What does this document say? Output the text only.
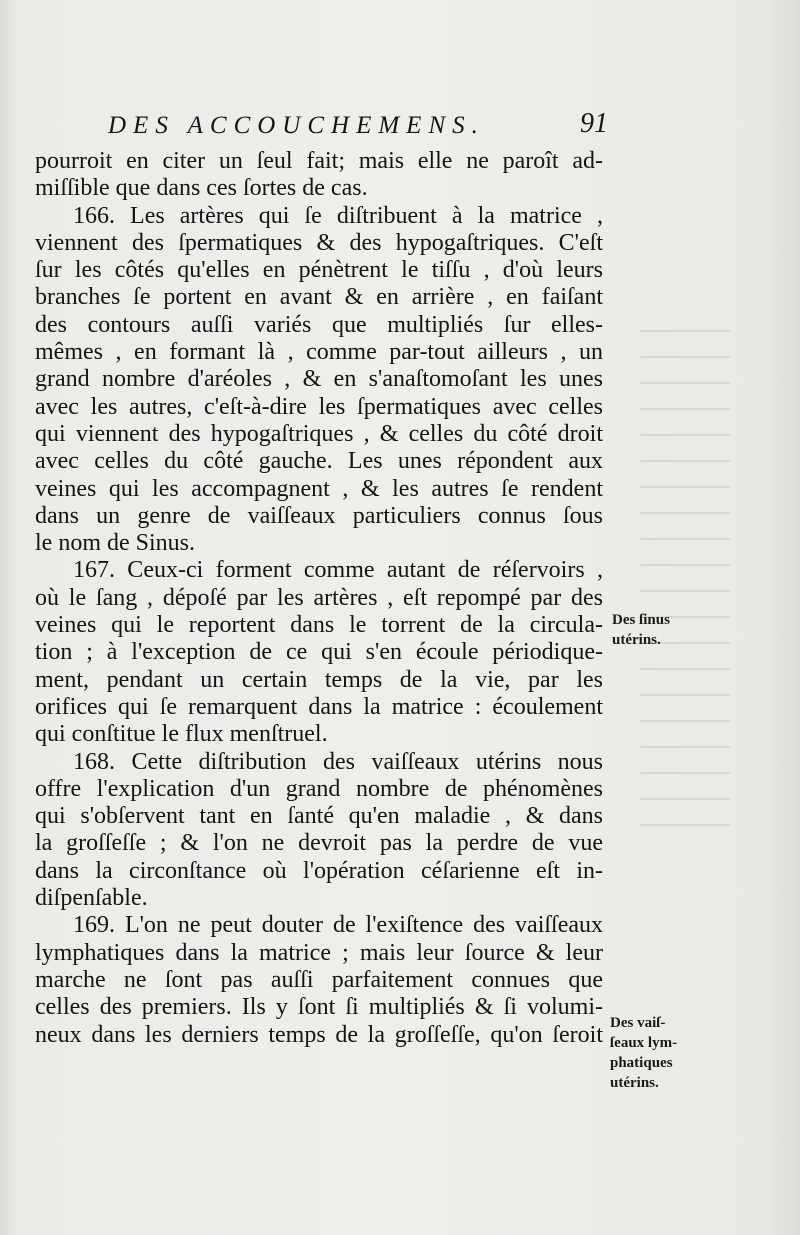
DES ACCOUCHEMENS.	91
pourroit en citer un ſeul fait; mais elle ne paroît ad-
miſſible que dans ces ſortes de cas.
166. Les artères qui ſe diſtribuent à la matrice ,
viennent des ſpermatiques & des hypogaſtriques. C'eſt
ſur les côtés qu'elles en pénètrent le tiſſu , d'où leurs
branches ſe portent en avant & en arrière , en faiſant
des contours auſſi variés que multipliés ſur elles-
mêmes , en formant là , comme par-tout ailleurs , un
grand nombre d'aréoles , & en s'anaſtomoſant les unes
avec les autres, c'eſt-à-dire les ſpermatiques avec celles
qui viennent des hypogaſtriques , & celles du côté droit
avec celles du côté gauche. Les unes répondent aux
veines qui les accompagnent , & les autres ſe rendent
dans un genre de vaiſſeaux particuliers connus ſous
le nom de Sinus.
167. Ceux-ci forment comme autant de réſervoirs ,
où le ſang , dépoſé par les artères , eſt repompé par des
veines qui le reportent dans le torrent de la circula-
tion ; à l'exception de ce qui s'en écoule périodique-
ment, pendant un certain temps de la vie, par les
orifices qui ſe remarquent dans la matrice : écoulement
qui conſtitue le flux menſtruel.
168. Cette diſtribution des vaiſſeaux utérins nous
offre l'explication d'un grand nombre de phénomènes
qui s'obſervent tant en ſanté qu'en maladie , & dans
la groſſeſſe ; & l'on ne devroit pas la perdre de vue
dans la circonſtance où l'opération céſarienne eſt in-
diſpenſable.
169. L'on ne peut douter de l'exiſtence des vaiſſeaux
lymphatiques dans la matrice ; mais leur ſource & leur
marche ne ſont pas auſſi parfaitement connues que
celles des premiers. Ils y ſont ſi multipliés & ſi volumi-
neux dans les derniers temps de la groſſeſſe, qu'on ſeroit
Des ſinus
utérins.
Des vaiſ-
ſeaux lym-
phatiques
utérins.
